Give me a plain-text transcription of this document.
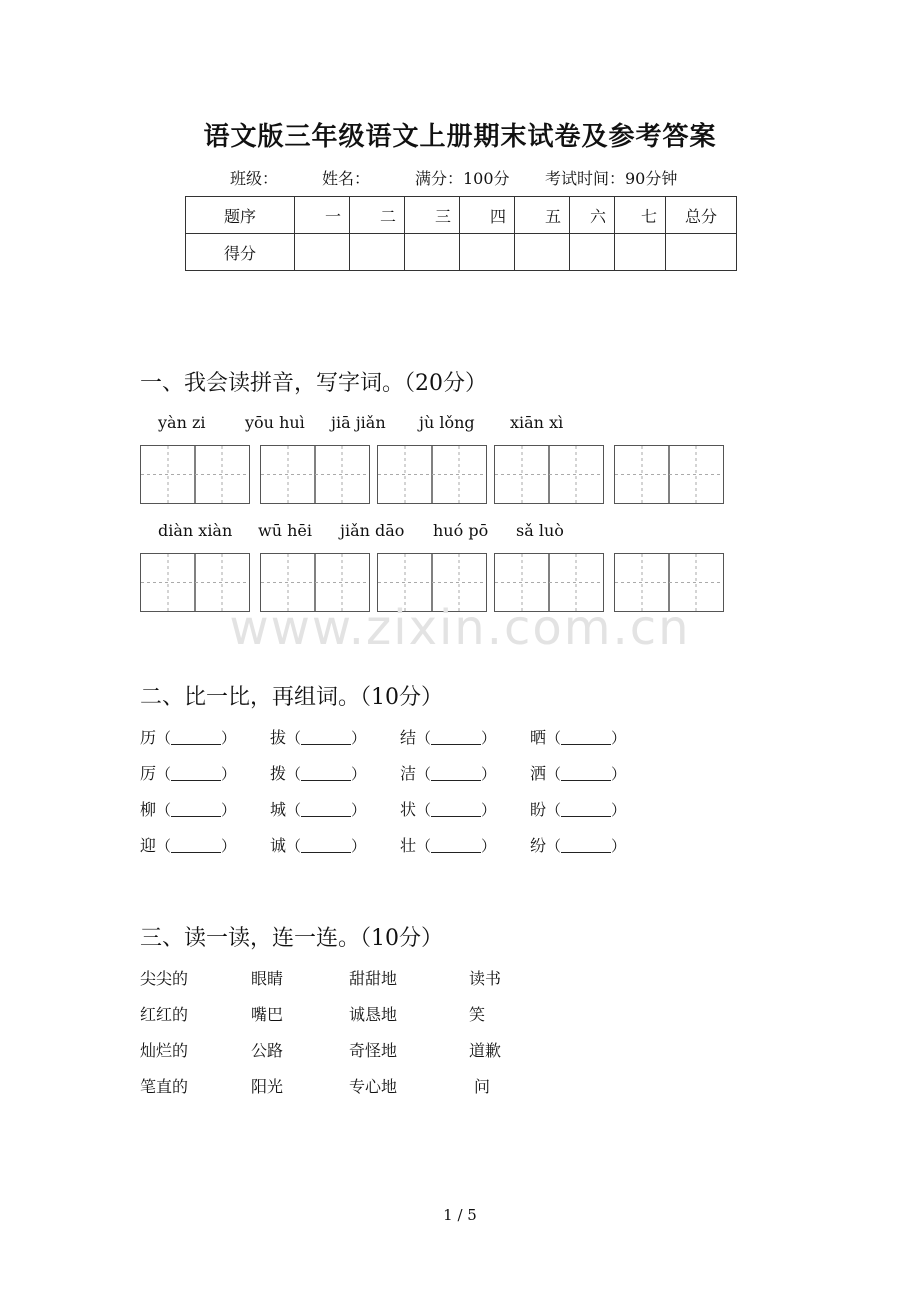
语文版三年级语文上册期末试卷及参考答案
班级：	姓名：	满分：100分 考试时间：90分钟
题序	一	二	三	四	五	六	七	总分
得分								
一、我会读拼音，写字词。（20分）
yàn zi yōu huì jiā jiǎn jù lǒng xiān xì
diàn xiàn wū hēi jiǎn dāo huó pō sǎ luò
www.zixin.com.cn
二、比一比，再组词。（10分）
历（	） 拔（	） 结（	） 晒（	）
厉（	） 拨（	） 洁（	） 洒（	）
柳（	） 城（	） 状（	） 盼（	）
迎（	） 诚（	） 壮（	） 纷（	）
三、读一读，连一连。（10分）
尖尖的	眼睛	甜甜地	读书
红红的	嘴巴	诚恳地	笑
灿烂的	公路	奇怪地	道歉
笔直的	阳光	专心地	问
1 / 5
